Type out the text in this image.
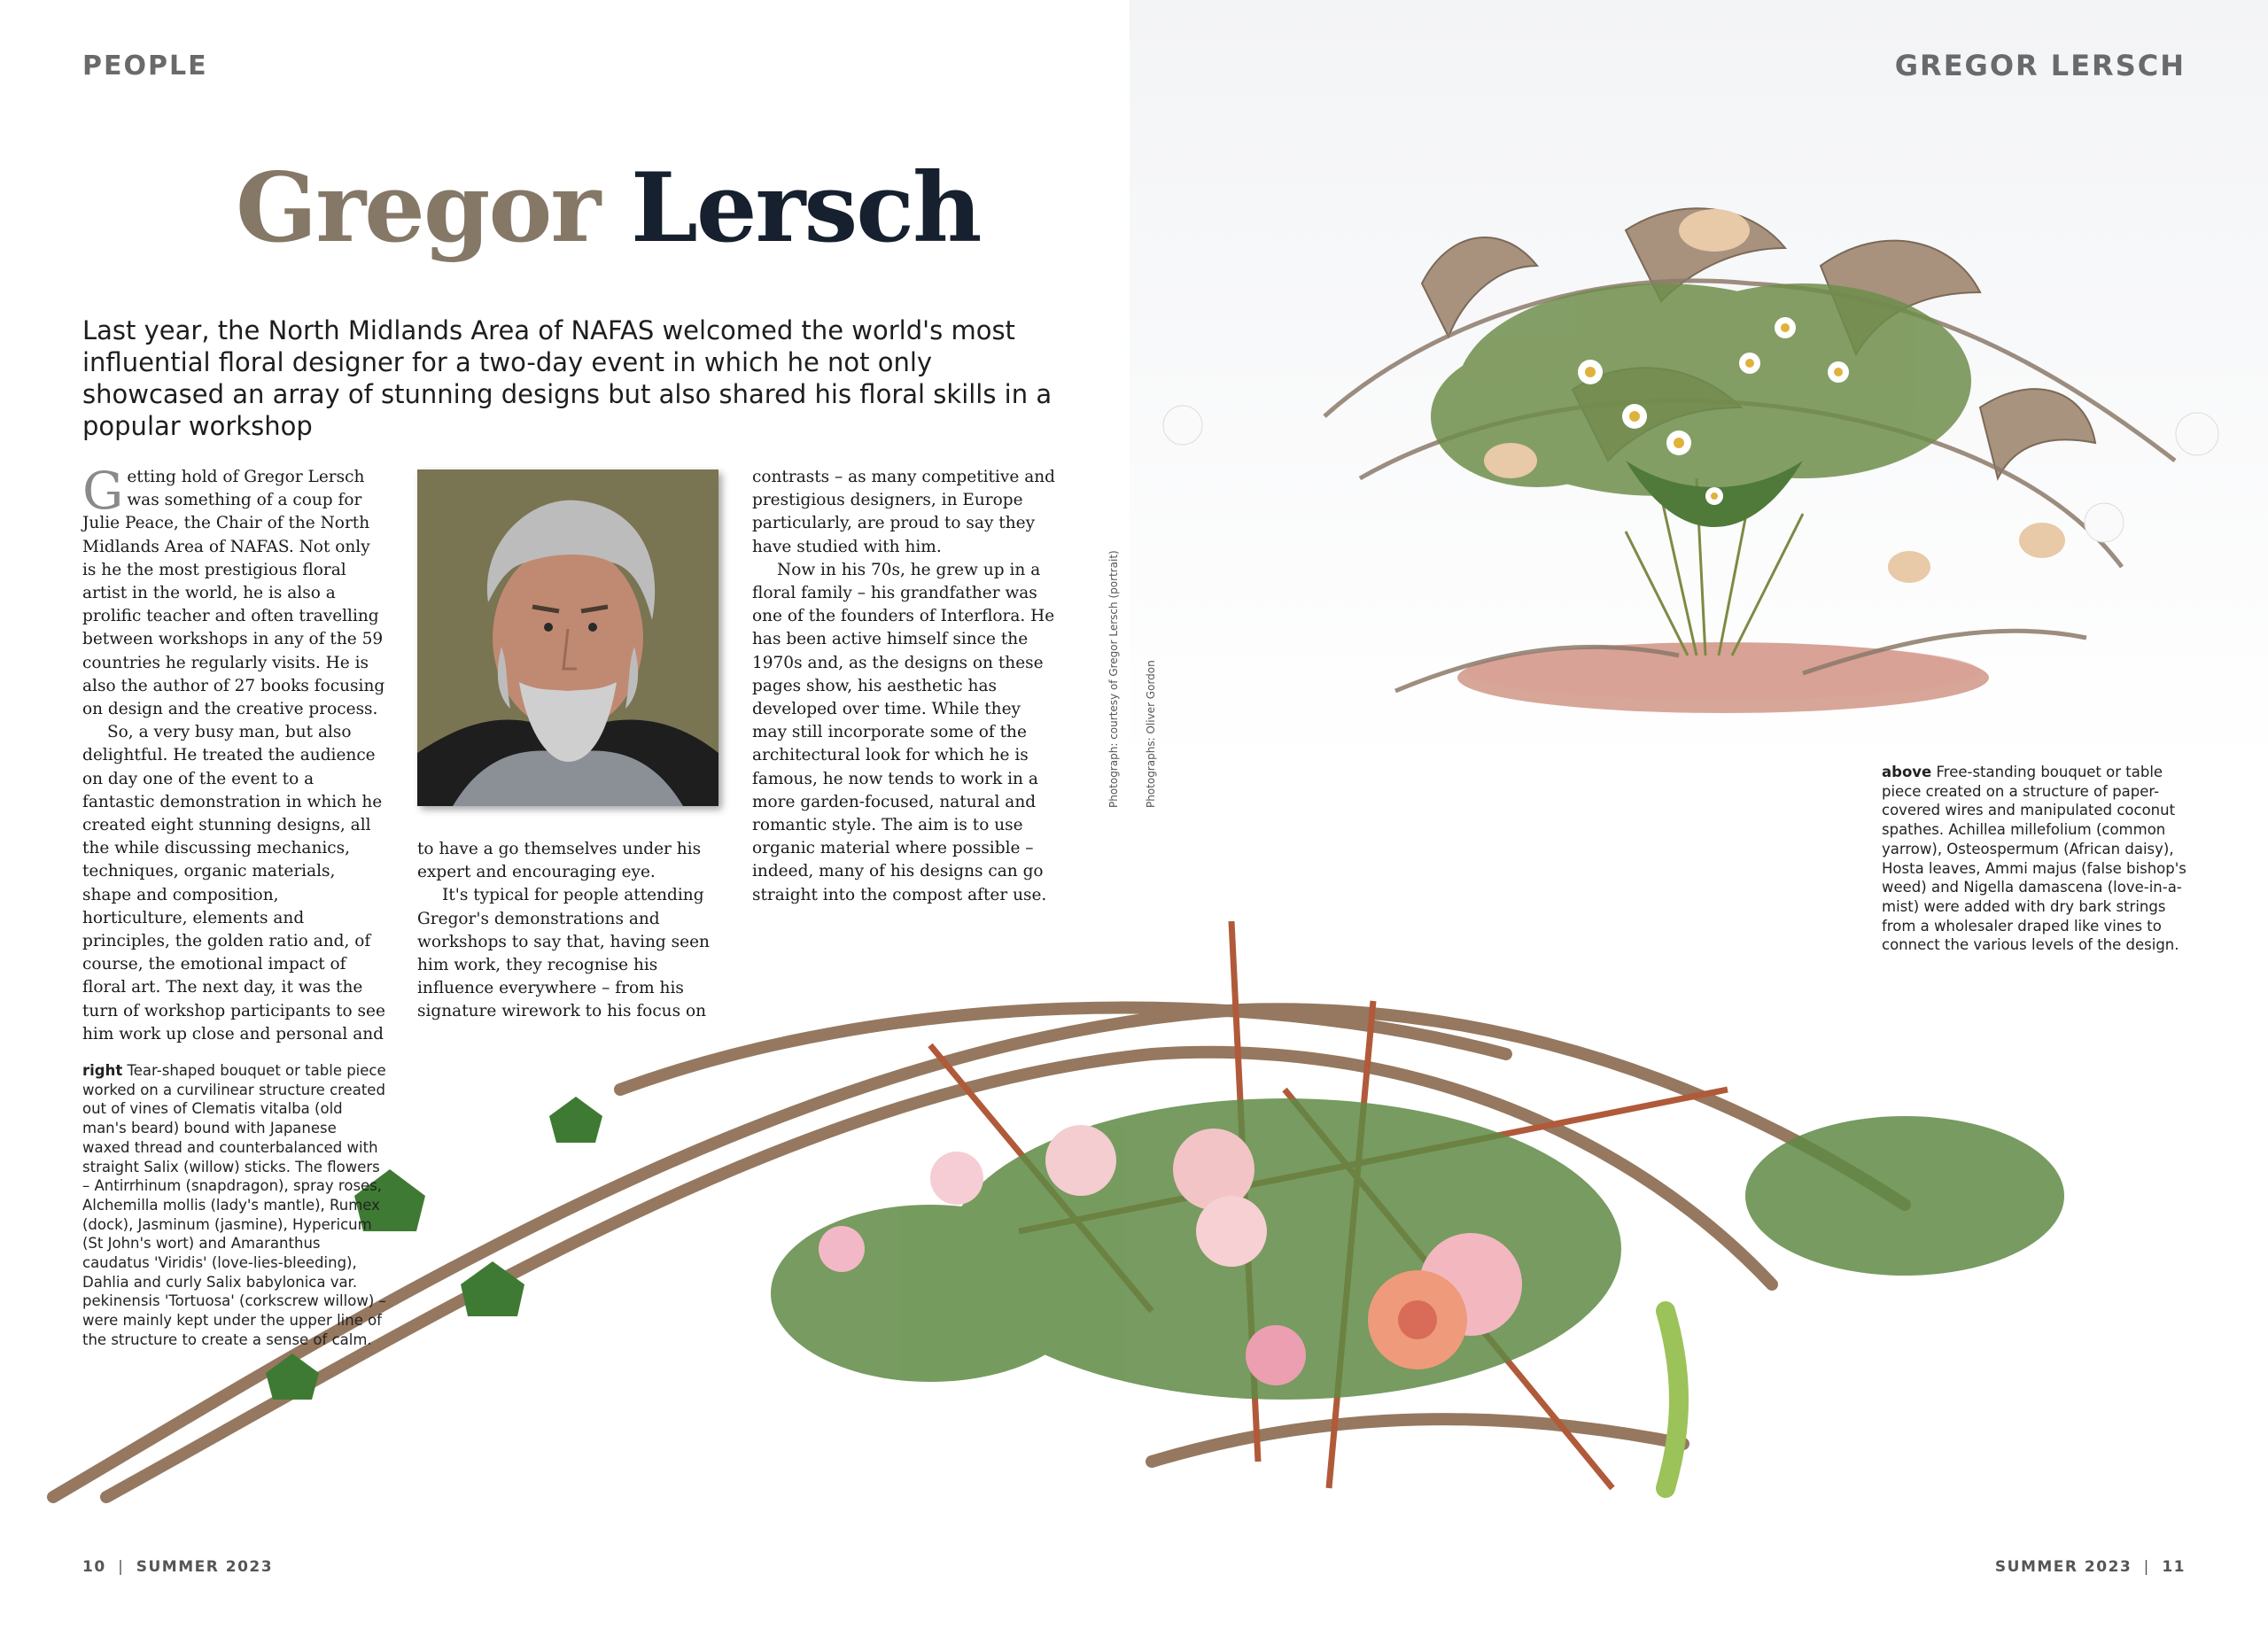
PEOPLE	GREGOR LERSCH
Gregor Lersch
Last year, the North Midlands Area of NAFAS welcomed the world's most influential floral designer for a two-day event in which he not only showcased an array of stunning designs but also shared his floral skills in a popular workshop

Getting hold of Gregor Lersch was something of a coup for Julie Peace, the Chair of the North Midlands Area of NAFAS. Not only is he the most prestigious floral artist in the world, he is also a prolific teacher and often travelling between workshops in any of the 59 countries he regularly visits. He is also the author of 27 books focusing on design and the creative process.

So, a very busy man, but also delightful. He treated the audience on day one of the event to a fantastic demonstration in which he created eight stunning designs, all the while discussing mechanics, techniques, organic materials, shape and composition, horticulture, elements and principles, the golden ratio and, of course, the emotional impact of floral art. The next day, it was the turn of workshop participants to see him work up close and personal and

to have a go themselves under his expert and encouraging eye.

It's typical for people attending Gregor's demonstrations and workshops to say that, having seen him work, they recognise his influence everywhere – from his signature wirework to his focus on

contrasts – as many competitive and prestigious designers, in Europe particularly, are proud to say they have studied with him.

Now in his 70s, he grew up in a floral family – his grandfather was one of the founders of Interflora. He has been active himself since the 1970s and, as the designs on these pages show, his aesthetic has developed over time. While they may still incorporate some of the architectural look for which he is famous, he now tends to work in a more garden-focused, natural and romantic style. The aim is to use organic material where possible – indeed, many of his designs can go straight into the compost after use.

Photograph: courtesy of Gregor Lersch (portrait) Photographs: Oliver Gordon	above Free-standing bouquet or table piece created on a structure of paper-covered wires and manipulated coconut spathes. Achillea millefolium (common yarrow), Osteospermum (African daisy), Hosta leaves, Ammi majus (false bishop's weed) and Nigella damascena (love-in-a-mist) were added with dry bark strings from a wholesaler draped like vines to connect the various levels of the design.
right Tear-shaped bouquet or table piece worked on a curvilinear structure created out of vines of Clematis vitalba (old man's beard) bound with Japanese waxed thread and counterbalanced with straight Salix (willow) sticks. The flowers – Antirrhinum (snapdragon), spray roses, Alchemilla mollis (lady's mantle), Rumex (dock), Jasminum (jasmine), Hypericum (St John's wort) and Amaranthus caudatus 'Viridis' (love-lies-bleeding), Dahlia and curly Salix babylonica var. pekinensis 'Tortuosa' (corkscrew willow) – were mainly kept under the upper line of the structure to create a sense of calm.
10 | SUMMER 2023	SUMMER 2023 | 11
